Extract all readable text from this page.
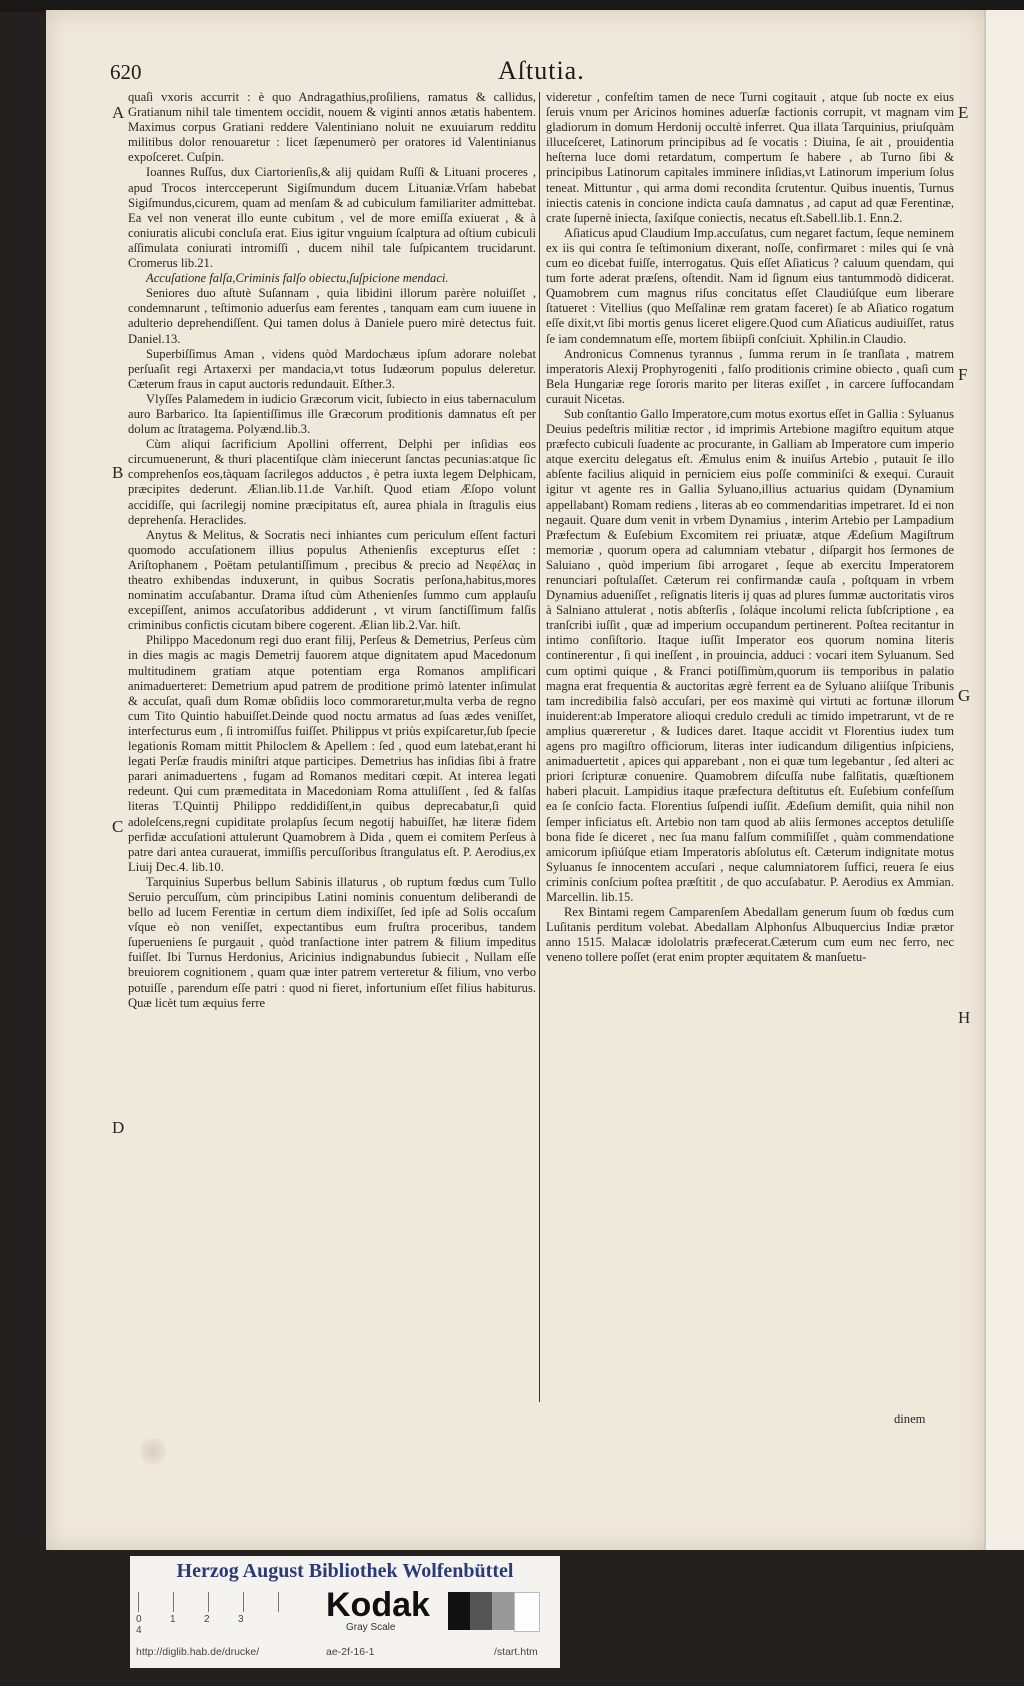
620	Aſtutia.
A
B
C
D
E
F
G
H

quaſi vxoris accurrit : è quo Andragathius,proſiliens, ramatus & callidus, Gratianum nihil tale timentem occidit, nouem & viginti annos ætatis habentem. Maximus corpus Gratiani reddere Valentiniano noluit ne exuuiarum redditu militibus dolor renouaretur : licet ſæpenumerò per oratores id Valentinianus expoſceret. Cuſpin.

Ioannes Ruſſus, dux Ciartorienſis,& alij quidam Ruſſi & Lituani proceres , apud Trocos intercceperunt Sigiſmundum ducem Lituaniæ.Vrſam habebat Sigiſmundus,cicurem, quam ad menſam & ad cubiculum familiariter admittebat. Ea vel non venerat illo eunte cubitum , vel de more emiſſa exiuerat , & à coniuratis alicubi concluſa erat. Eius igitur vnguium ſcalptura ad oſtium cubiculi aſſimulata coniurati intromiſſi , ducem nihil tale ſuſpicantem trucidarunt. Cromerus lib.21.

Accuſatione falſa,Criminis falſo obiectu,ſuſpicione mendaci.

Seniores duo aſtutè Suſannam , quia libidini illorum parère noluiſſet , condemnarunt , teſtimonio aduerſus eam ferentes , tanquam eam cum iuuene in adulterio deprehendiſſent. Qui tamen dolus à Daniele puero mirè detectus fuit. Daniel.13.

Superbiſſimus Aman , videns quòd Mardochæus ipſum adorare nolebat perſuaſit regi Artaxerxi per mandacia,vt totus Iudæorum populus deleretur. Cæterum fraus in caput auctoris redundauit. Eſther.3.

Vlyſſes Palamedem in iudicio Græcorum vicit, ſubiecto in eius tabernaculum auro Barbarico. Ita ſapientiſſimus ille Græcorum proditionis damnatus eſt per dolum ac ſtratagema. Polyænd.lib.3.

Cùm aliqui ſacrificium Apollini offerrent, Delphi per inſidias eos circumuenerunt, & thuri placentiſque clàm iniecerunt ſanctas pecunias:atque ſic comprehenſos eos,tàquam ſacrilegos adductos , è petra iuxta legem Delphicam, præcipites dederunt. Ælian.lib.11.de Var.hiſt. Quod etiam Æſopo volunt accidiſſe, qui ſacrilegij nomine præcipitatus eſt, aurea phiala in ſtragulis eius deprehenſa. Heraclides.

Anytus & Melitus, & Socratis neci inhiantes cum periculum eſſent facturi quomodo accuſationem illius populus Athenienſis excepturus eſſet : Ariſtophanem , Poëtam petulantiſſimum , precibus & precio ad Νεφέλας in theatro exhibendas induxerunt, in quibus Socratis perſona,habitus,mores nominatim accuſabantur. Drama iſtud cùm Athenienſes ſummo cum applauſu excepiſſent, animos accuſatoribus addiderunt , vt virum ſanctiſſimum falſis criminibus confictis cicutam bibere cogerent. Ælian lib.2.Var. hiſt.

Philippo Macedonum regi duo erant filij, Perſeus & Demetrius, Perſeus cùm in dies magis ac magis Demetrij fauorem atque dignitatem apud Macedonum multitudinem gratiam atque potentiam erga Romanos amplificari animaduerteret: Demetrium apud patrem de proditione primò latenter inſimulat & accuſat, quaſi dum Romæ obſidiis loco commoraretur,multa verba de regno cum Tito Quintio habuiſſet.Deinde quod noctu armatus ad ſuas ædes veniſſet, interfecturus eum , ſi intromiſſus fuiſſet. Philippus vt priùs expiſcaretur,ſub ſpecie legationis Romam mittit Philoclem & Apellem : ſed , quod eum latebat,erant hi legati Perſæ fraudis miniſtri atque participes. Demetrius has inſidias ſibi à fratre parari animaduertens , fugam ad Romanos meditari cœpit. At interea legati redeunt. Qui cum præmeditata in Macedoniam Roma attuliſſent , ſed & falſas literas T.Quintij Philippo reddidiſſent,in quibus deprecabatur,ſi quid adoleſcens,regni cupiditate prolapſus ſecum negotij habuiſſet, hæ literæ fidem perfidæ accuſationi attulerunt Quamobrem à Dida , quem ei comitem Perſeus à patre dari antea curauerat, immiſſis percuſſoribus ſtrangulatus eſt. P. Aerodius,ex Liuij Dec.4. lib.10.

Tarquinius Superbus bellum Sabinis illaturus , ob ruptum fœdus cum Tullo Seruio percuſſum, cùm principibus Latini nominis conuentum deliberandi de bello ad lucem Ferentiæ in certum diem indixiſſet, ſed ipſe ad Solis occaſum vſque eò non veniſſet, expectantibus eum fruſtra proceribus, tandem ſuperueniens ſe purgauit , quòd tranſactione inter patrem & filium impeditus fuiſſet. Ibi Turnus Herdonius, Aricinius indignabundus ſubiecit , Nullam eſſe breuiorem cognitionem , quam quæ inter patrem verteretur & filium, vno verbo potuiſſe , parendum eſſe patri : quod ni fieret, infortunium eſſet filius habiturus. Quæ licèt tum æquius ferre

videretur , confeſtim tamen de nece Turni cogitauit , atque ſub nocte ex eius ſeruis vnum per Aricinos homines aduerſæ factionis corrupit, vt magnam vim gladiorum in domum Herdonij occultè inferret. Qua illata Tarquinius, priuſquàm illuceſceret, Latinorum principibus ad ſe vocatis : Diuina, ſe ait , prouidentia heſterna luce domi retardatum, compertum ſe habere , ab Turno ſibi & principibus Latinorum capitales imminere inſidias,vt Latinorum imperium ſolus teneat. Mittuntur , qui arma domi recondita ſcrutentur. Quibus inuentis, Turnus iniectis catenis in concione indicta cauſa damnatus , ad caput ad quæ Ferentinæ, crate ſupernè iniecta, ſaxiſque coniectis, necatus eſt.Sabell.lib.1. Enn.2.

Aſiaticus apud Claudium Imp.accuſatus, cum negaret factum, ſeque neminem ex iis qui contra ſe teſtimonium dixerant, noſſe, confirmaret : miles qui ſe vnà cum eo dicebat fuiſſe, interrogatus. Quis eſſet Aſiaticus ? caluum quendam, qui tum forte aderat præſens, oſtendit. Nam id ſignum eius tantummodò didicerat. Quamobrem cum magnus riſus concitatus eſſet Claudiúſque eum liberare ſtatueret : Vitellius (quo Meſſalinæ rem gratam faceret) ſe ab Aſiatico rogatum eſſe dixit,vt ſibi mortis genus liceret eligere.Quod cum Aſiaticus audiuiſſet, ratus ſe iam condemnatum eſſe, mortem ſibiipſi conſciuit. Xphilin.in Claudio.

Andronicus Comnenus tyrannus , ſumma rerum in ſe tranſlata , matrem imperatoris Alexij Prophyrogeniti , falſo proditionis crimine obiecto , quaſi cum Bela Hungariæ rege ſororis marito per literas exiſſet , in carcere ſuffocandam curauit Nicetas.

Sub conſtantio Gallo Imperatore,cum motus exortus eſſet in Gallia : Syluanus Deuius pedeſtris militiæ rector , id imprimis Artebione magiſtro equitum atque præfecto cubiculi ſuadente ac procurante, in Galliam ab Imperatore cum imperio atque exercitu delegatus eſt. Æmulus enim & inuiſus Artebio , putauit ſe illo abſente facilius aliquid in perniciem eius poſſe comminiſci & exequi. Curauit igitur vt agente res in Gallia Syluano,illius actuarius quidam (Dynamium appellabant) Romam rediens , literas ab eo commendaritias impetraret. Id ei non negauit. Quare dum venit in vrbem Dynamius , interim Artebio per Lampadium Præfectum & Euſebium Excomitem rei priuatæ, atque Ædeſium Magiſtrum memoriæ , quorum opera ad calumniam vtebatur , diſpargit hos ſermones de Saluiano , quòd imperium ſibi arrogaret , ſeque ab exercitu Imperatorem renunciari poſtulaſſet. Cæterum rei confirmandæ cauſa , poſtquam in vrbem Dynamius adueniſſet , reſignatis literis ij quas ad plures ſummæ auctoritatis viros à Salniano attulerat , notis abſterſis , ſoláque incolumi relicta ſubſcriptione , ea tranſcribi iuſſit , quæ ad imperium occupandum pertinerent. Poſtea recitantur in intimo conſiſtorio. Itaque iuſſit Imperator eos quorum nomina literis continerentur , ſi qui ineſſent , in prouincia, adduci : vocari item Syluanum. Sed cum optimi quique , & Franci potiſſimùm,quorum iis temporibus in palatio magna erat frequentia & auctoritas ægrè ferrent ea de Syluano aliíſque Tribunis tam incredibilia falsò accuſari, per eos maximè qui virtuti ac fortunæ illorum inuiderent:ab Imperatore alioqui credulo creduli ac timido impetrarunt, vt de re amplius quæreretur , & Iudices daret. Itaque accidit vt Florentius iudex tum agens pro magiſtro officiorum, literas inter iudicandum diligentius inſpiciens, animaduertetit , apices qui apparebant , non ei quæ tum legebantur , ſed alteri ac priori ſcripturæ conuenire. Quamobrem diſcuſſa nube falſitatis, quæſtionem haberi placuit. Lampidius itaque præfectura deſtitutus eſt. Euſebium confeſſum ea ſe conſcio facta. Florentius ſuſpendi iuſſit. Ædeſium demiſit, quia nihil non ſemper inficiatus eſt. Artebio non tam quod ab aliis ſermones acceptos detuliſſe bona fide ſe diceret , nec ſua manu falſum commiſiſſet , quàm commendatione amicorum ipſiúſque etiam Imperatoris abſolutus eſt. Cæterum indignitate motus Syluanus ſe innocentem accuſari , neque calumniatorem ſuffici, reuera ſe eius criminis conſcium poſtea præſtitit , de quo accuſabatur. P. Aerodius ex Ammian. Marcellin. lib.15.

Rex Bintami regem Camparenſem Abedallam generum ſuum ob fœdus cum Luſitanis perditum volebat. Abedallam Alphonſus Albuquercius Indiæ prætor anno 1515. Malacæ idololatris præfecerat.Cæterum cum eum nec ferro, nec veneno tollere poſſet (erat enim propter æquitatem & manſuetu-

dinem
Herzog August Bibliothek Wolfenbüttel
0	1	2	34
Kodak
Gray Scale
http://diglib.hab.de/drucke/	ae-2f-16-1	/start.htm
